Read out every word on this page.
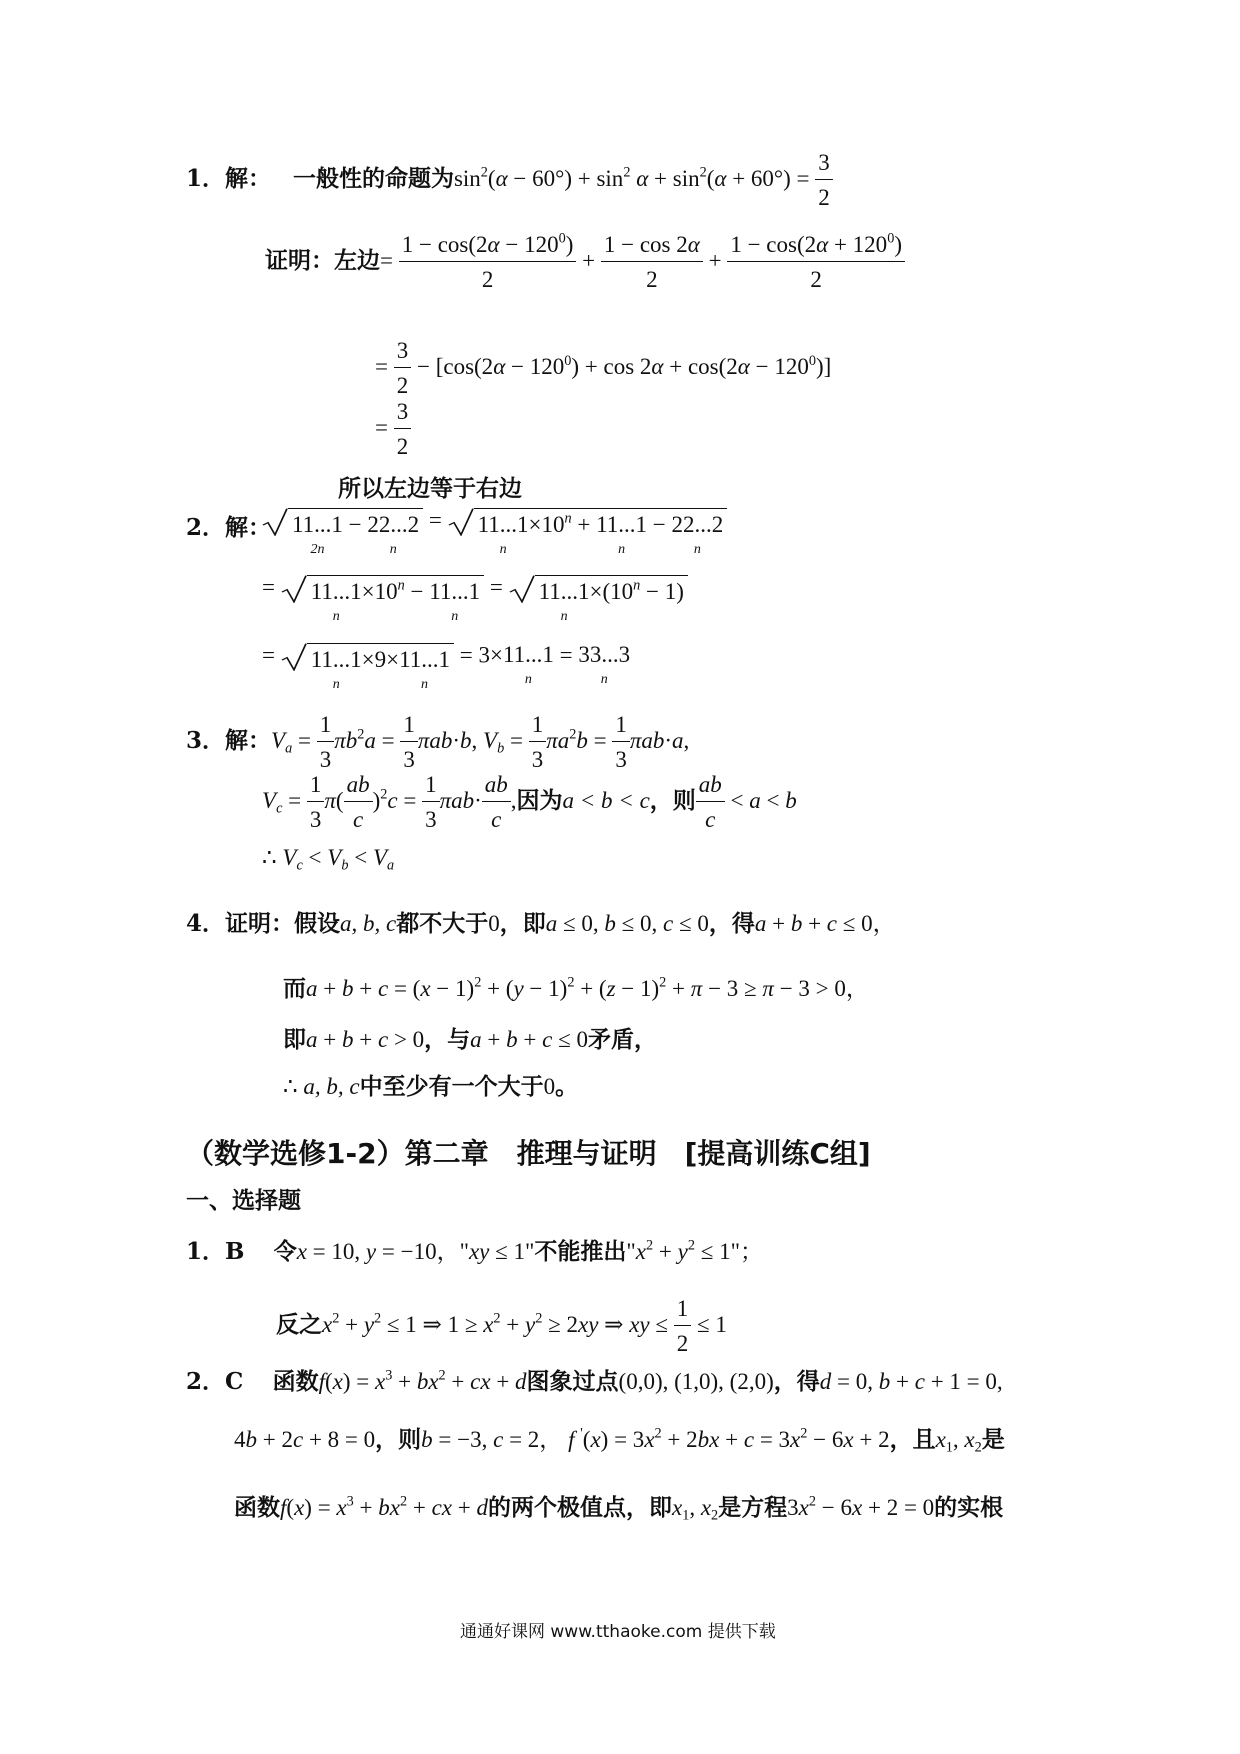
1．解： 一般性的命题为$\sin^2(\alpha - 60^\circ) + \sin^2 \alpha + \sin^2(\alpha + 60^\circ) = \frac{3}{2}$
证明：左边= $\frac{1 - \cos(2\alpha - 120^0)}{2} + \frac{1 - \cos 2\alpha}{2} + \frac{1 - \cos(2\alpha + 120^0)}{2}$
= $\frac{3}{2} - [\cos(2\alpha - 120^0) + \cos 2\alpha + \cos(2\alpha - 120^0)]$
= $\frac{3}{2}$
所以左边等于右边
2．解： 11...1
2n
− 22...2
n
= 11...1
n
$\times 10^n + 11...1$
n
− 22...2
n
= 11...1
n
$\times 10^n - 11...1$
n
= 11...1
n
$\times(10^n - 1)$
= 11...1
n
×9×11...1
n
= 3×11...1
n
= 33...3
n
3．解：$V_a = \frac{1}{3} \pi b^2a = \frac{1}{3} \pi ab\cdot b$, $V_b = \frac{1}{3} \pi a^2b = \frac{1}{3} \pi ab\cdot a$,
$V_c = \frac{1}{3} \pi( \frac{ab}{c} )^2c = \frac{1}{3} \pi ab\cdot \frac{ab}{c}$ ,因为a < b < c，则 $\frac{ab}{c} < a < b$
∴ $V_c < V_b < V_a$
4．证明：假设a, b, c都不大于0，即a ≤ 0, b ≤ 0, c ≤ 0，得a + b + c ≤ 0，
而$a + b + c = (x - 1)^2 + (y - 1)^2 + (z - 1)^2 + \pi - 3 \ge \pi - 3 > 0$，
即a + b + c > 0，与a + b + c ≤ 0矛盾，
∴ a, b, c中至少有一个大于0。
（数学选修1-2）第二章　推理与证明　[提高训练C组]
一、选择题
1．B 令x = 10, y = −10，"xy ≤ 1"不能推出"$x^2 + y^2 \le 1$"；
反之$x^2 + y^2 \le 1$ ⇒ $1 \ge x^2 + y^2 \ge 2xy$ ⇒ xy ≤ $\frac{1}{2} \le 1$
2．C 函数$f(x) = x^3 + bx^2$ + cx + d图象过点(0,0), (1,0), (2,0)，得d = 0, b + c + 1 = 0,
4b + 2c + 8 = 0，则b = −3, c = 2， f $'(x) = 3x^2 + 2bx + c = 3x^2 - 6x + 2$，且$x_1$, $x_2$是
函数$f(x) = x^3 + bx^2$ + cx + d的两个极值点，即$x_1$, $x_2$是方程$3x^2 - 6x + 2 = 0$的实根
通通好课网 www.tthaoke.com 提供下载
